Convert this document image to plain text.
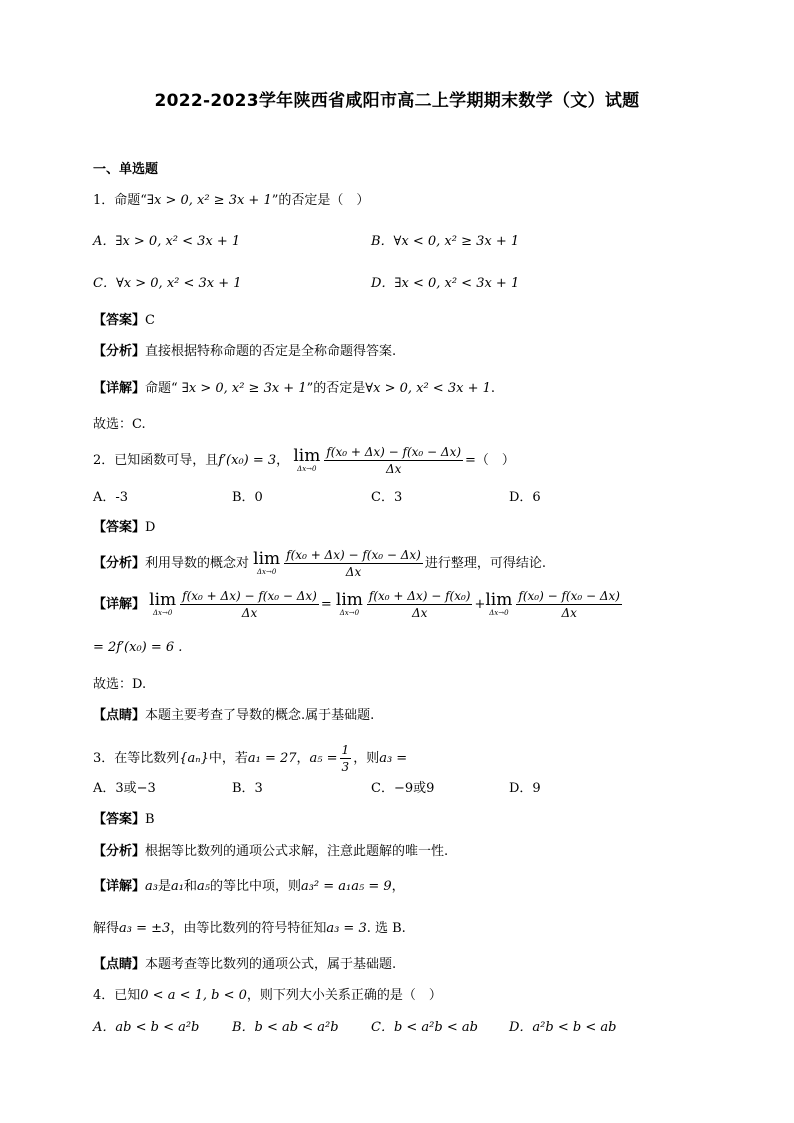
2022-2023学年陕西省咸阳市高二上学期期末数学（文）试题
一、单选题
1．命题“∃x > 0, x² ≥ 3x + 1”的否定是（　）
A．∃x > 0, x² < 3x + 1	B．∀x < 0, x² ≥ 3x + 1
C．∀x > 0, x² < 3x + 1	D．∃x < 0, x² < 3x + 1
【答案】C
【分析】直接根据特称命题的否定是全称命题得答案.
【详解】命题“ ∃x > 0, x² ≥ 3x + 1”的否定是∀x > 0, x² < 3x + 1.
故选：C.
2．已知函数可导，且f′(x₀) = 3， lim
$\Delta x\to 0 \frac{\text{f(x₀ + Δx) − f(x₀ − Δx)}}{\Delta x}$ =（　）
A．-3	B．0	C．3	D．6
【答案】D
【分析】利用导数的概念对 lim
$\Delta x\to 0 \frac{\text{f(x₀ + Δx) − f(x₀ − Δx)}}{\Delta x}$ 进行整理，可得结论.
【详解】 lim
$\Delta x\to 0 \frac{\text{f(x₀ + Δx) − f(x₀ − Δx)}}{\Delta x} = \lim$
$\Delta x\to 0 \frac{\text{f(x₀ + Δx) − f(x₀)}}{\Delta x} + \lim$
$\Delta x\to 0 \frac{\text{f(x₀) − f(x₀ − Δx)}}{\Delta x}$
= 2f′(x₀) = 6 .
故选：D.
【点睛】本题主要考查了导数的概念.属于基础题.
3．在等比数列{aₙ}中，若a₁ = 27，$a_5 = \frac{1}{3}$ ，则a₃ =
A．3或−3	B．3	C．−9或9	D．9
【答案】B
【分析】根据等比数列的通项公式求解，注意此题解的唯一性.
【详解】a₃是a₁和a₅的等比中项，则a₃² = a₁a₅ = 9，
解得a₃ = ±3，由等比数列的符号特征知a₃ = 3. 选 B.
【点睛】本题考查等比数列的通项公式，属于基础题.
4．已知0 < a < 1, b < 0，则下列大小关系正确的是（　）
A．ab < b < a²b	B．b < ab < a²b C．b < a²b < ab D．a²b < b < ab
